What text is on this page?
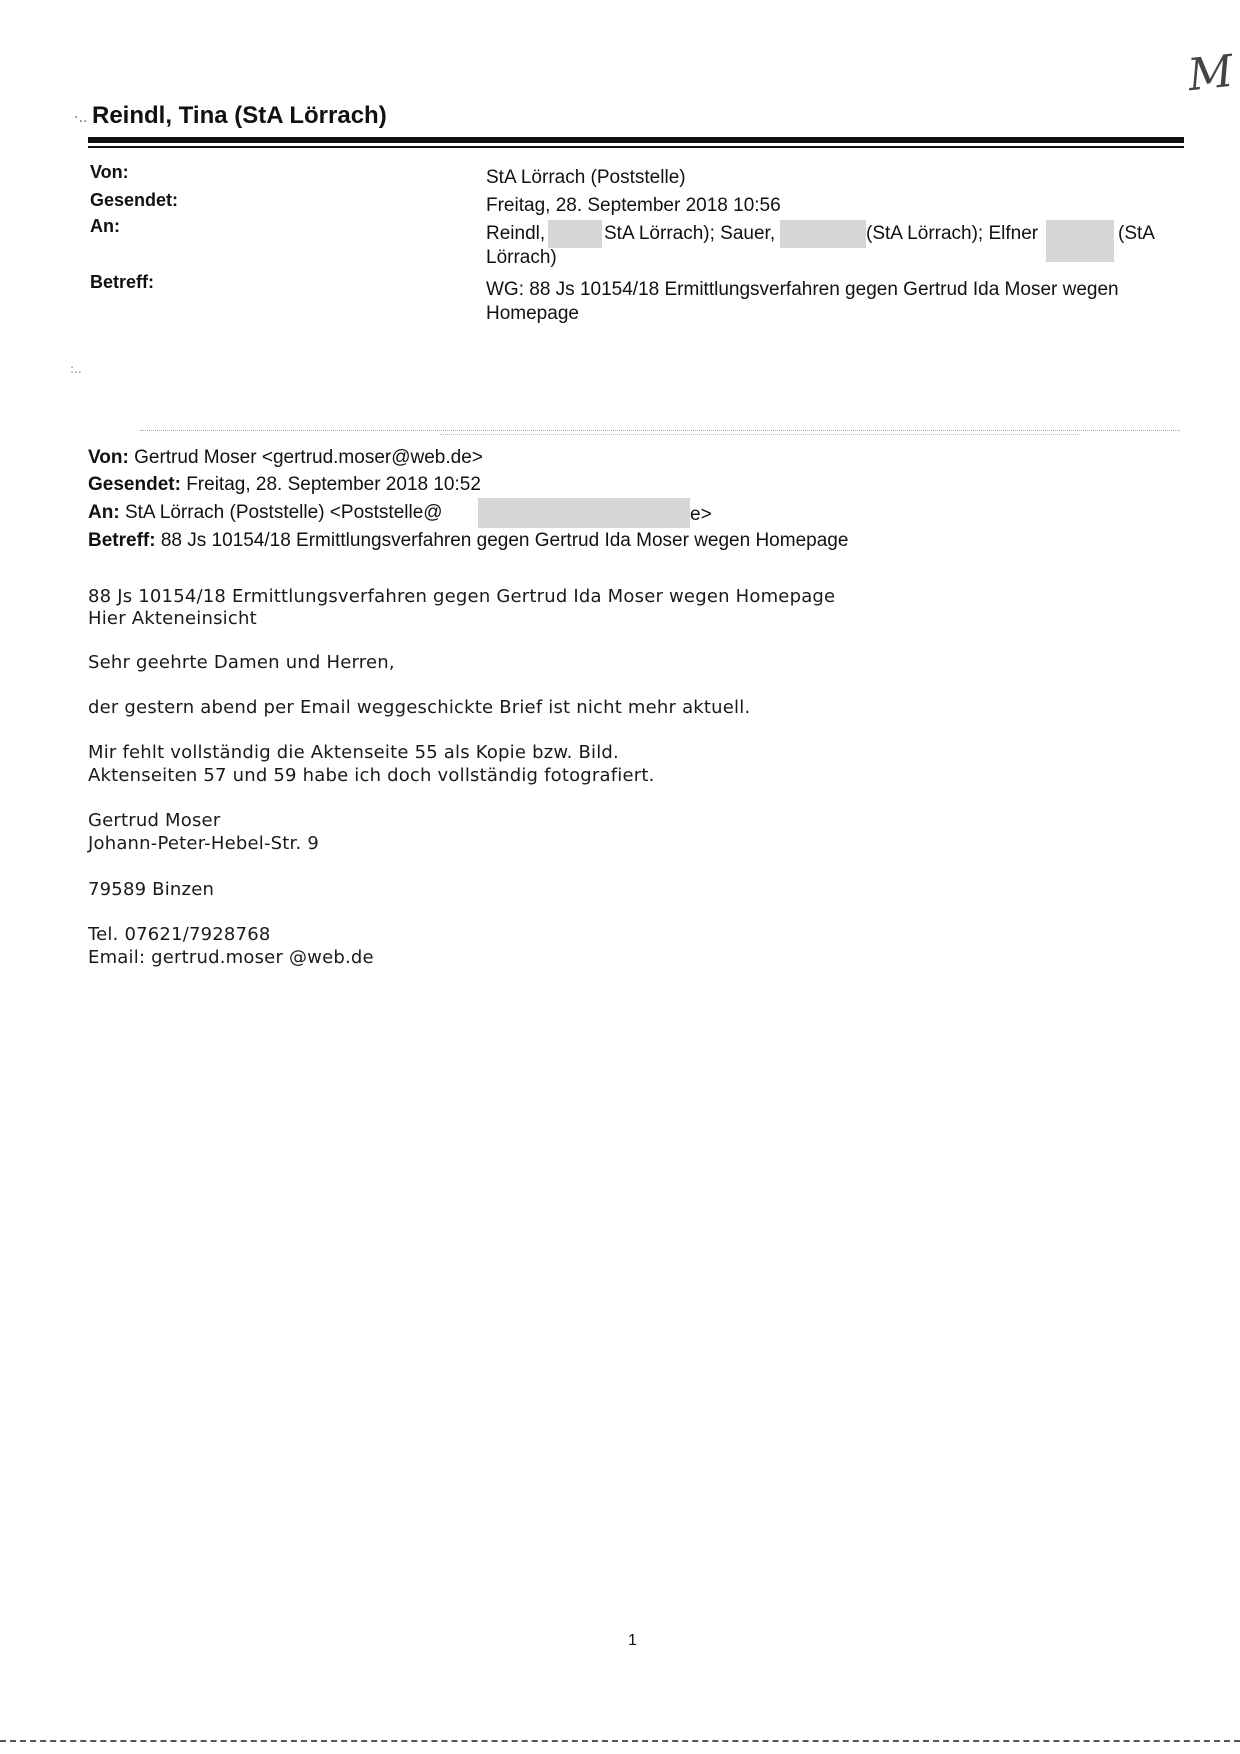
M
·.. Reindl, Tina (StA Lörrach)
Von:	StA Lörrach (Poststelle)
Gesendet:	Freitag, 28. September 2018 10:56
An:	Reindl,	StA Lörrach); Sauer,	(StA Lörrach); Elfner	(StA
Lörrach)
Betreff:	WG: 88 Js 10154/18 Ermittlungsverfahren gegen Gertrud Ida Moser wegen
Homepage
:..
Von: Gertrud Moser <gertrud.moser@web.de>
Gesendet: Freitag, 28. September 2018 10:52
An: StA Lörrach (Poststelle) <Poststelle@	e>
Betreff: 88 Js 10154/18 Ermittlungsverfahren gegen Gertrud Ida Moser wegen Homepage
88 Js 10154/18 Ermittlungsverfahren gegen Gertrud Ida Moser wegen Homepage
Hier Akteneinsicht
Sehr geehrte Damen und Herren,
der gestern abend per Email weggeschickte Brief ist nicht mehr aktuell.
Mir fehlt vollständig die Aktenseite 55 als Kopie bzw. Bild.
Aktenseiten 57 und 59 habe ich doch vollständig fotografiert.
Gertrud Moser
Johann-Peter-Hebel-Str. 9
79589 Binzen
Tel. 07621/7928768
Email: gertrud.moser @web.de
1
